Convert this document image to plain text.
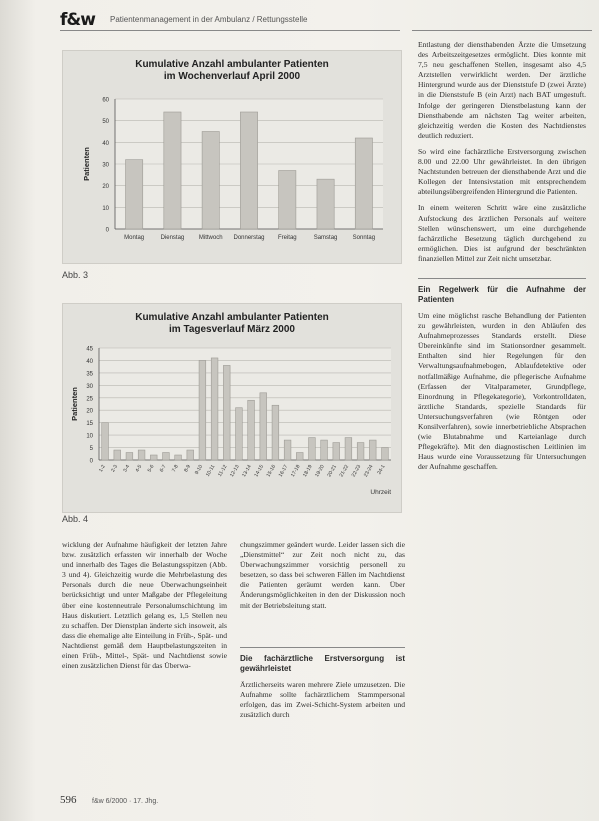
f&w Patientenmanagement in der Ambulanz / Rettungsstelle
Kumulative Anzahl ambulanter Patienten
im Wochenverlauf April 2000
0
10
20
30
40
50
60
Montag	Dienstag Mittwoch Donnerstag Freitag	Samstag	Sonntag
Patienten
Abb. 3
Kumulative Anzahl ambulanter Patienten
im Tagesverlauf März 2000
0
5
10
15
20
25
30
35
40
45
1-2 2-3 3-4 4-5 5-6 6-7 7-8 8-9 9-10 10-11 11-12 12-13 13-14 14-15 15-16 16-17 17-18 18-19 19-20 20-21 21-22 22-23 23-24 24-1
Patienten
Uhrzeit
Abb. 4

wicklung der Aufnahme häufigkeit der letzten Jahre bzw. zusätzlich erfassten wir innerhalb der Woche und innerhalb des Tages die Belastungsspitzen (Abb. 3 und 4). Gleichzeitig wurde die Mehrbelastung des Personals durch die neue Überwachungseinheit berücksichtigt und unter Maßgabe der Pflegeleitung über eine kostenneutrale Personalumschichtung im Haus diskutiert. Letztlich gelang es, 1,5 Stellen neu zu schaffen. Der Dienstplan änderte sich insoweit, als dass die ehemalige alte Einteilung in Früh-, Spät- und Nachtdienst gemäß dem Hauptbelastungszeiten in einen Früh-, Mittel-, Spät- und Nachtdienst sowie einen zusätzlichen Dienst für das Überwa-

chungszimmer geändert wurde. Leider lassen sich die „Dienstmittel“ zur Zeit noch nicht zu, das Überwachungszimmer vorsichtig personell zu besetzen, so dass bei schweren Fällen im Nachtdienst die Patienten geräumt werden kann. Über Änderungsmöglichkeiten in den der Diskussion noch mit der Betriebsleitung statt.

Die fachärztliche Erstversorgung ist gewährleistet

Ärztlicherseits waren mehrere Ziele umzusetzen. Die Aufnahme sollte fachärztlichem Stammpersonal erfolgen, das im Zwei-Schicht-System arbeiten und zusätzlich durch

Entlastung der diensthabenden Ärzte die Umsetzung des Arbeitszeitgesetzes ermöglicht. Dies konnte mit 7,5 neu geschaffenen Stellen, insgesamt also 4,5 Arztstellen verwirklicht werden. Der ärztliche Hintergrund wurde aus der Dienststufe D (zwei Ärzte) in die Dienststufe B (ein Arzt) nach BAT umgestuft. Infolge der geringeren Dienstbelastung kann der Diensthabende am nächsten Tag weiter arbeiten, gleichzeitig werden die Kosten des Nachtdienstes deutlich reduziert.

So wird eine fachärztliche Erstversorgung zwischen 8.00 und 22.00 Uhr gewährleistet. In den übrigen Nachtstunden betreuen der diensthabende Arzt und die Kollegen der Intensivstation mit entsprechendem abteilungsübergreifenden Hintergrund die Patienten.

In einem weiteren Schritt wäre eine zusätzliche Aufstockung des ärztlichen Personals auf weitere Stellen wünschenswert, um eine durchgehende fachärztliche Besetzung täglich durchgehend zu ermöglichen. Dies ist aufgrund der beschränkten finanziellen Mittel zur Zeit nicht umsetzbar.

Ein Regelwerk für die Aufnahme der Patienten

Um eine möglichst rasche Behandlung der Patienten zu gewährleisten, wurden in den Abläufen des Aufnahmeprozesses Standards erstellt. Diese Übereinkünfte sind im Stationsordner gesammelt. Enthalten sind hier Regelungen für den Verwaltungsaufnahmebogen, Ablaufdetektive oder notfallmäßige Aufnahme, die pflegerische Aufnahme (Erfassen der Vitalparameter, Grundpflege, Einordnung in Pflegekategorie), Vorkontrolldaten, ärztliche Standards, spezielle Standards für Untersuchungsverfahren (wie Röntgen oder Konsilverfahren), sowie innerbetriebliche Absprachen (wie Blutabnahme und Karteianlage durch Pflegekräfte). Mit den diagnostischen Leitlinien im Haus wurde eine Voraussetzung für Untersuchungen der Aufnahme geschaffen.

596 f&w 6/2000 · 17. Jhg.
